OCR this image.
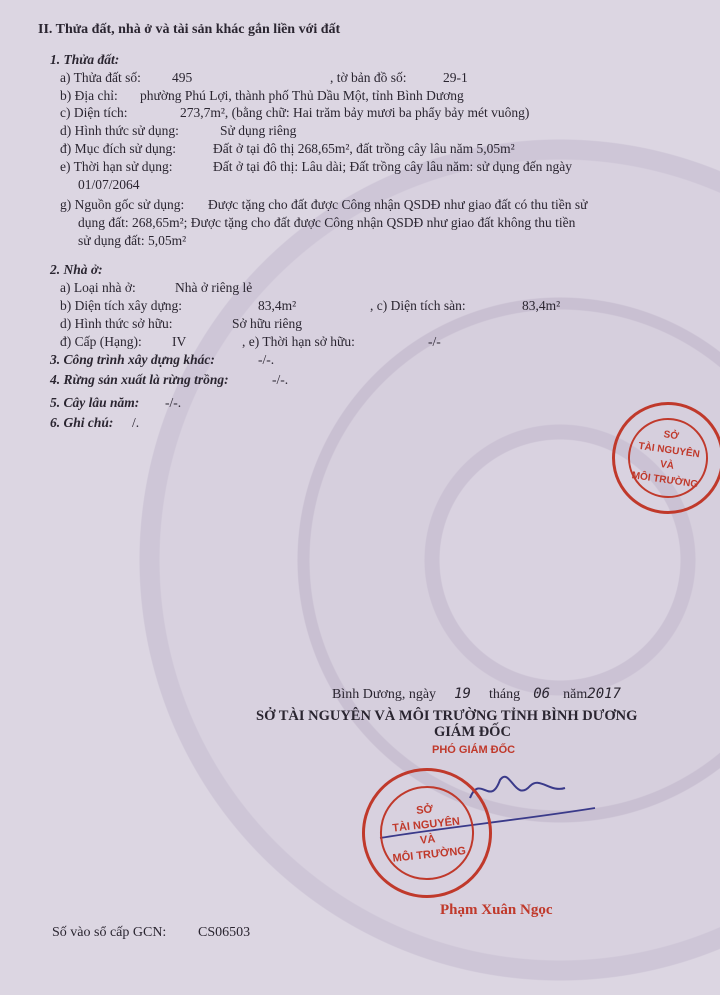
II. Thửa đất, nhà ở và tài sản khác gắn liền với đất
1. Thửa đất:
a) Thửa đất số: 495	, tờ bản đồ số:	29-1
b) Địa chỉ: phường Phú Lợi, thành phố Thủ Dầu Một, tỉnh Bình Dương
c) Diện tích:	273,7m², (bằng chữ: Hai trăm bảy mươi ba phẩy bảy mét vuông)
d) Hình thức sử dụng:	Sử dụng riêng
đ) Mục đích sử dụng:	Đất ở tại đô thị 268,65m², đất trồng cây lâu năm 5,05m²
e) Thời hạn sử dụng:	Đất ở tại đô thị: Lâu dài; Đất trồng cây lâu năm: sử dụng đến ngày
01/07/2064
g) Nguồn gốc sử dụng: Được tặng cho đất được Công nhận QSDĐ như giao đất có thu tiền sử
dụng đất: 268,65m²; Được tặng cho đất được Công nhận QSDĐ như giao đất không thu tiền
sử dụng đất: 5,05m²
2. Nhà ở:
a) Loại nhà ở:	Nhà ở riêng lẻ
b) Diện tích xây dựng:	83,4m²	, c) Diện tích sàn:	83,4m²
d) Hình thức sở hữu:	Sở hữu riêng
đ) Cấp (Hạng): IV	, e) Thời hạn sở hữu:	-/-
3. Công trình xây dựng khác:	-/-.
4. Rừng sản xuất là rừng trồng:	-/-.
5. Cây lâu năm: -/-.
6. Ghi chú: /.
SỞ
TÀI NGUYÊN
VÀ
MÔI TRƯỜNG
Bình Dương, ngày 19 tháng 06 năm2017
SỞ TÀI NGUYÊN VÀ MÔI TRƯỜNG TỈNH BÌNH DƯƠNG
GIÁM ĐỐC
PHÓ GIÁM ĐỐC
SỞ
TÀI NGUYÊN
VÀ
MÔI TRƯỜNG
Phạm Xuân Ngọc
Số vào sổ cấp GCN: CS06503
